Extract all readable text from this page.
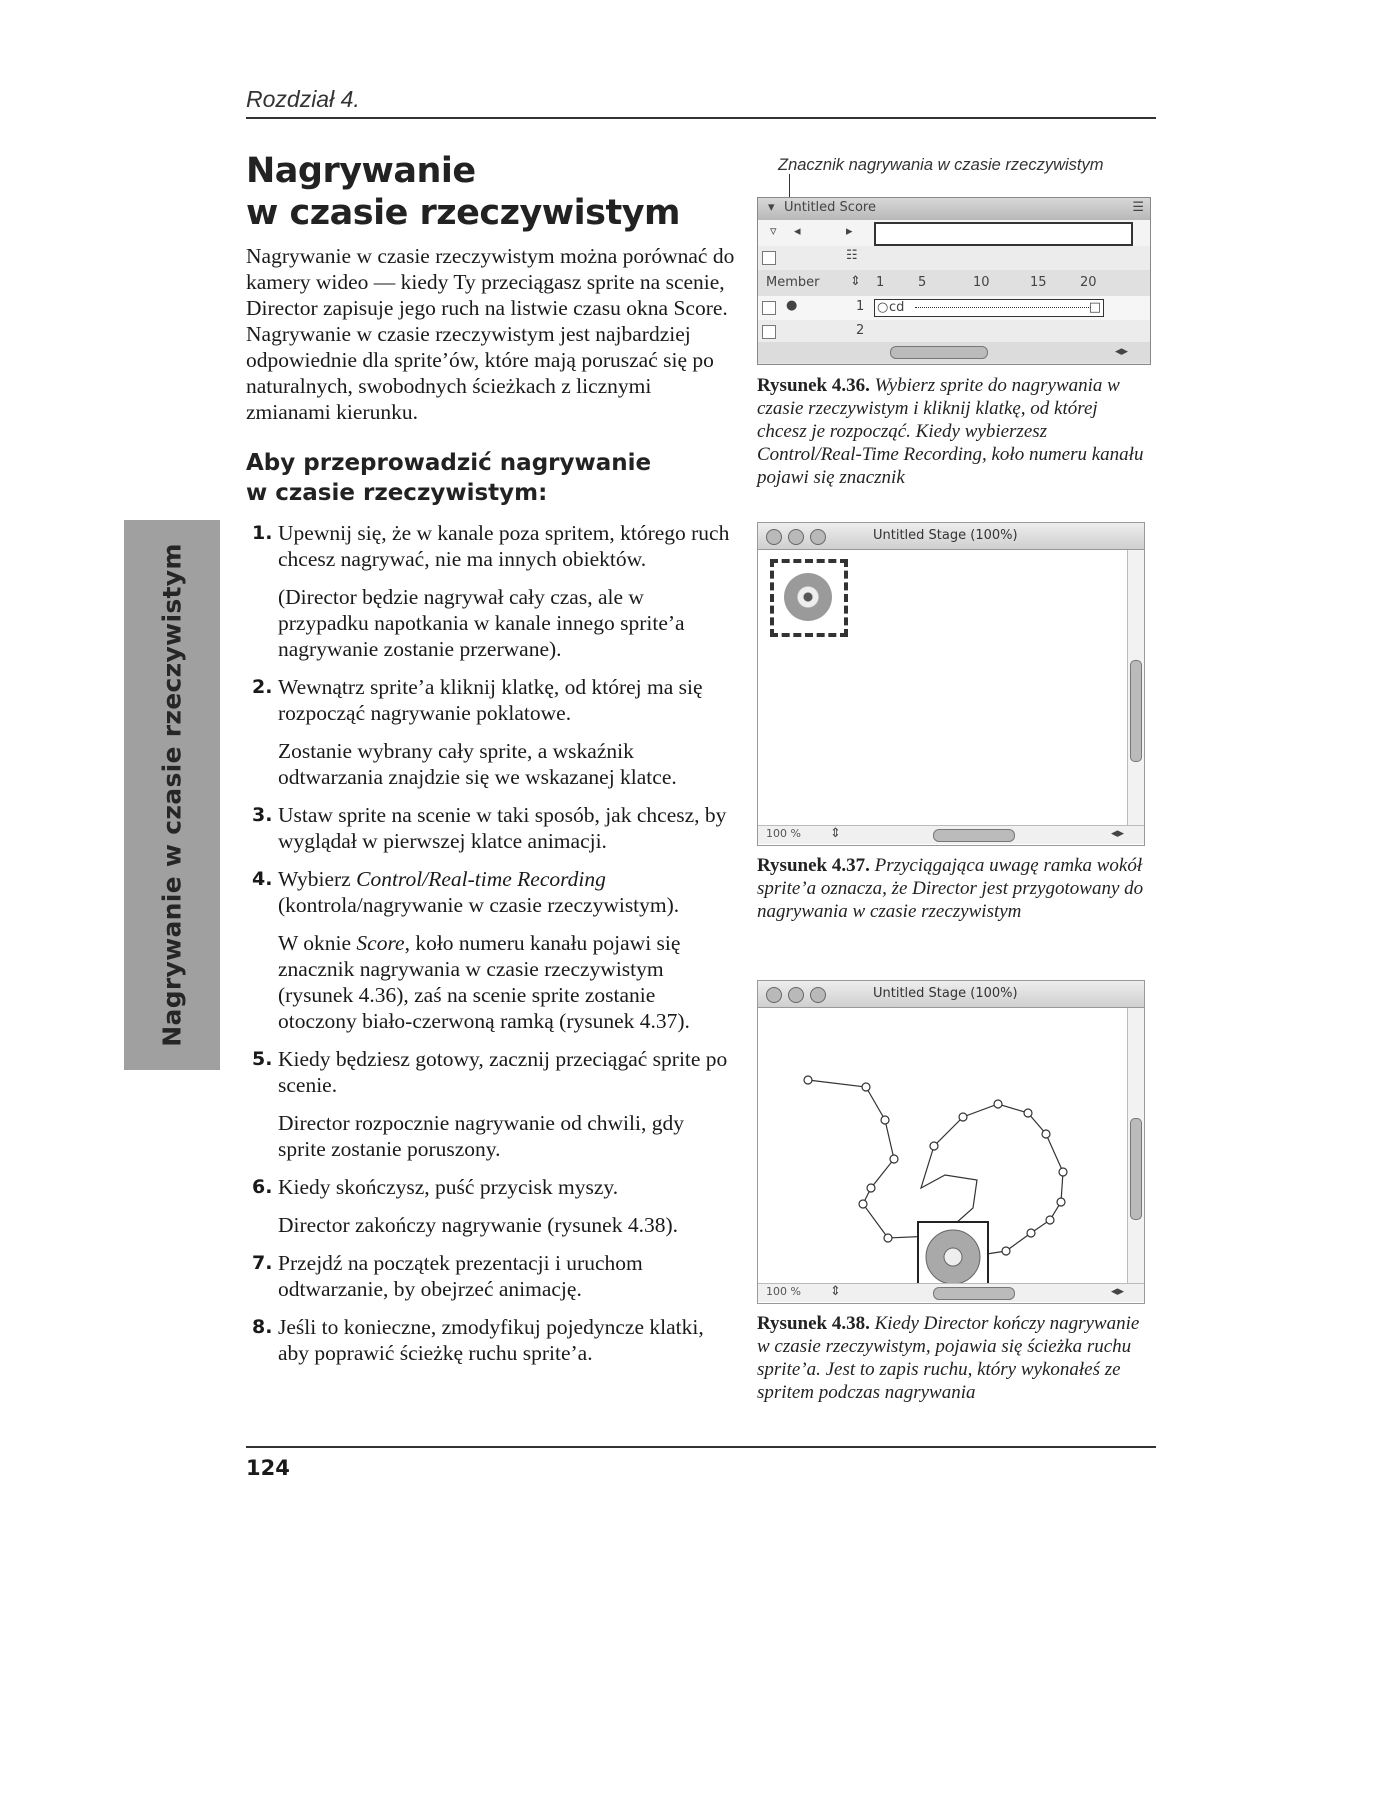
Rozdział 4.
Nagrywanie
w czasie rzeczywistym
Nagrywanie w czasie rzeczywistym można porównać do kamery wideo — kiedy Ty przeciągasz sprite na scenie, Director zapisuje jego ruch na listwie czasu okna Score. Nagrywanie w czasie rzeczywistym jest najbardziej odpowiednie dla sprite’ów, które mają poruszać się po naturalnych, swobodnych ścieżkach z licznymi zmianami kierunku.
Aby przeprowadzić nagrywanie
w czasie rzeczywistym:
Nagrywanie w czasie rzeczywistym
1. Upewnij się, że w kanale poza spritem, którego ruch chcesz nagrywać, nie ma innych obiektów.
(Director będzie nagrywał cały czas, ale w przypadku napotkania w kanale innego sprite’a nagrywanie zostanie przerwane).
2. Wewnątrz sprite’a kliknij klatkę, od której ma się rozpocząć nagrywanie poklatowe.
Zostanie wybrany cały sprite, a wskaźnik odtwarzania znajdzie się we wskazanej klatce.
3. Ustaw sprite na scenie w taki sposób, jak chcesz, by wyglądał w pierwszej klatce animacji.
4. Wybierz Control/Real-time Recording (kontrola/nagrywanie w czasie rzeczywistym).
W oknie Score, koło numeru kanału pojawi się znacznik nagrywania w czasie rzeczywistym (rysunek 4.36), zaś na scenie sprite zostanie otoczony biało-czerwoną ramką (rysunek 4.37).
5. Kiedy będziesz gotowy, zacznij przeciągać sprite po scenie.
Director rozpocznie nagrywanie od chwili, gdy sprite zostanie poruszony.
6. Kiedy skończysz, puść przycisk myszy.
Director zakończy nagrywanie (rysunek 4.38).
7. Przejdź na początek prezentacji i uruchom odtwarzanie, by obejrzeć animację.
8. Jeśli to konieczne, zmodyfikuj pojedyncze klatki, aby poprawić ścieżkę ruchu sprite’a.
Znacznik nagrywania w czasie rzeczywistym
Untitled Score
▾	☰
▿ ◂	▸
☷
Member ⇕ 1	5	10	15	20
●	1 ○ cd	□
2
◂▸
Rysunek 4.36. Wybierz sprite do nagrywania w czasie rzeczywistym i kliknij klatkę, od której chcesz je rozpocząć. Kiedy wybierzesz Control/Real-Time Recording, koło numeru kanału pojawi się znacznik
Untitled Stage (100%)
100 % ⇕	◂▸
Rysunek 4.37. Przyciągająca uwagę ramka wokół sprite’a oznacza, że Director jest przygotowany do nagrywania w czasie rzeczywistym
Untitled Stage (100%)
100 % ⇕	◂▸
Rysunek 4.38. Kiedy Director kończy nagrywanie w czasie rzeczywistym, pojawia się ścieżka ruchu sprite’a. Jest to zapis ruchu, który wykonałeś ze spritem podczas nagrywania
124
